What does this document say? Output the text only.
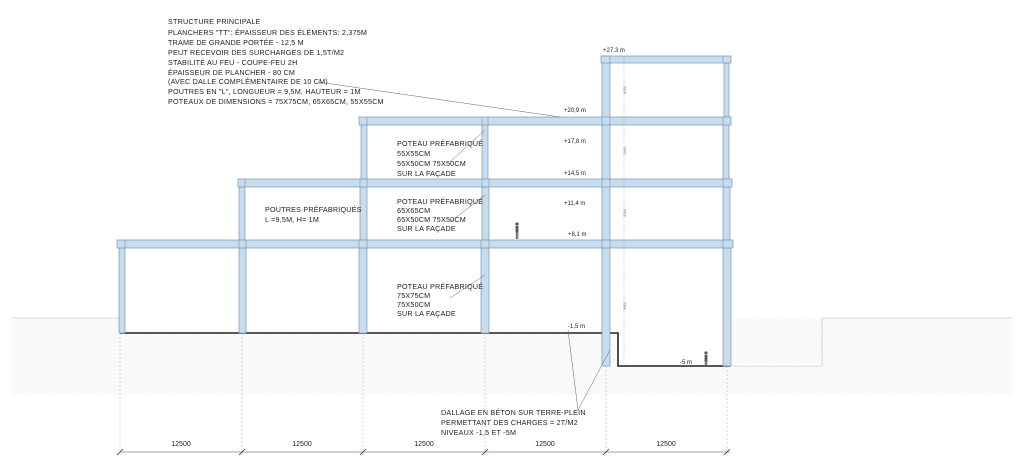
6400
3100
3300
9600
STRUCTURE PRINCIPALE
PLANCHERS "TT": ÉPAISSEUR DES ÉLÉMENTS: 2,375M
TRAME DE GRANDE PORTÉE - 12,5 M
PEUT RECEVOIR DES SURCHARGES DE 1,5T/M2
STABILITÉ AU FEU - COUPE-FEU 2H
ÉPAISSEUR DE PLANCHER - 80 CM
(AVEC DALLE COMPLÉMENTAIRE DE 10 CM)
POUTRES EN "L", LONGUEUR = 9,5M, HAUTEUR = 1M
POTEAUX DE DIMENSIONS = 75X75CM, 65X65CM, 55X55CM
POUTRES PRÉFABRIQUÉS
L =9,5M, H= 1M
POTEAU PRÉFABRIQUÉ
55X55CM
55X50CM 75X50CM
SUR LA FAÇADE
POTEAU PRÉFABRIQUÉ
65X65CM
65X50CM 75X50CM
SUR LA FAÇADE
POTEAU PRÉFABRIQUÉ
75X75CM
75X50CM
SUR LA FAÇADE
DALLAGE EN BÉTON SUR TERRE-PLEIN
PERMETTANT DES CHARGES = 2T/M2
NIVEAUX -1,5 ET -5M
+27,3 m
+20,9 m
+17,8 m
+14,5 m
+11,4 m
+8,1 m
-1,5 m
-5 m
12500	12500	12500	12500	12500
